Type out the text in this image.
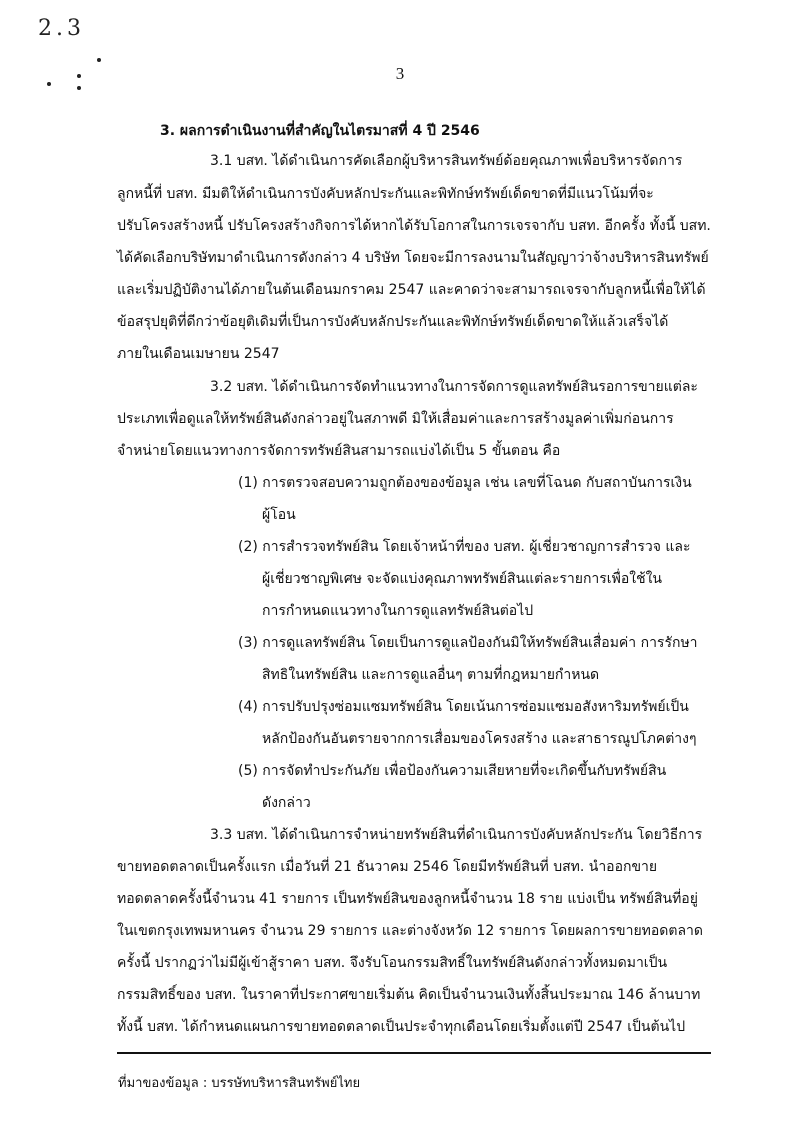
2.3
3
3. ผลการดำเนินงานที่สำคัญในไตรมาสที่ 4 ปี 2546
3.1 บสท. ได้ดำเนินการคัดเลือกผู้บริหารสินทรัพย์ด้อยคุณภาพเพื่อบริหารจัดการ
ลูกหนี้ที่ บสท. มีมติให้ดำเนินการบังคับหลักประกันและพิทักษ์ทรัพย์เด็ดขาดที่มีแนวโน้มที่จะ
ปรับโครงสร้างหนี้ ปรับโครงสร้างกิจการได้หากได้รับโอกาสในการเจรจากับ บสท. อีกครั้ง ทั้งนี้ บสท.
ได้คัดเลือกบริษัทมาดำเนินการดังกล่าว 4 บริษัท โดยจะมีการลงนามในสัญญาว่าจ้างบริหารสินทรัพย์
และเริ่มปฏิบัติงานได้ภายในต้นเดือนมกราคม 2547 และคาดว่าจะสามารถเจรจากับลูกหนี้เพื่อให้ได้
ข้อสรุปยุติที่ดีกว่าข้อยุติเดิมที่เป็นการบังคับหลักประกันและพิทักษ์ทรัพย์เด็ดขาดให้แล้วเสร็จได้
ภายในเดือนเมษายน 2547
3.2 บสท. ได้ดำเนินการจัดทำแนวทางในการจัดการดูแลทรัพย์สินรอการขายแต่ละ
ประเภทเพื่อดูแลให้ทรัพย์สินดังกล่าวอยู่ในสภาพดี มิให้เสื่อมค่าและการสร้างมูลค่าเพิ่มก่อนการ
จำหน่ายโดยแนวทางการจัดการทรัพย์สินสามารถแบ่งได้เป็น 5 ขั้นตอน คือ
(1) การตรวจสอบความถูกต้องของข้อมูล เช่น เลขที่โฉนด กับสถาบันการเงิน
ผู้โอน
(2) การสำรวจทรัพย์สิน โดยเจ้าหน้าที่ของ บสท. ผู้เชี่ยวชาญการสำรวจ และ
ผู้เชี่ยวชาญพิเศษ จะจัดแบ่งคุณภาพทรัพย์สินแต่ละรายการเพื่อใช้ใน
การกำหนดแนวทางในการดูแลทรัพย์สินต่อไป
(3) การดูแลทรัพย์สิน โดยเป็นการดูแลป้องกันมิให้ทรัพย์สินเสื่อมค่า การรักษา
สิทธิในทรัพย์สิน และการดูแลอื่นๆ ตามที่กฎหมายกำหนด
(4) การปรับปรุงซ่อมแซมทรัพย์สิน โดยเน้นการซ่อมแซมอสังหาริมทรัพย์เป็น
หลักป้องกันอันตรายจากการเสื่อมของโครงสร้าง และสาธารณูปโภคต่างๆ
(5) การจัดทำประกันภัย เพื่อป้องกันความเสียหายที่จะเกิดขึ้นกับทรัพย์สิน
ดังกล่าว
3.3 บสท. ได้ดำเนินการจำหน่ายทรัพย์สินที่ดำเนินการบังคับหลักประกัน โดยวิธีการ
ขายทอดตลาดเป็นครั้งแรก เมื่อวันที่ 21 ธันวาคม 2546 โดยมีทรัพย์สินที่ บสท. นำออกขาย
ทอดตลาดครั้งนี้จำนวน 41 รายการ เป็นทรัพย์สินของลูกหนี้จำนวน 18 ราย แบ่งเป็น ทรัพย์สินที่อยู่
ในเขตกรุงเทพมหานคร จำนวน 29 รายการ และต่างจังหวัด 12 รายการ โดยผลการขายทอดตลาด
ครั้งนี้ ปรากฏว่าไม่มีผู้เข้าสู้ราคา บสท. จึงรับโอนกรรมสิทธิ์ในทรัพย์สินดังกล่าวทั้งหมดมาเป็น
กรรมสิทธิ์ของ บสท. ในราคาที่ประกาศขายเริ่มต้น คิดเป็นจำนวนเงินทั้งสิ้นประมาณ 146 ล้านบาท
ทั้งนี้ บสท. ได้กำหนดแผนการขายทอดตลาดเป็นประจำทุกเดือนโดยเริ่มตั้งแต่ปี 2547 เป็นต้นไป
ที่มาของข้อมูล : บรรษัทบริหารสินทรัพย์ไทย
